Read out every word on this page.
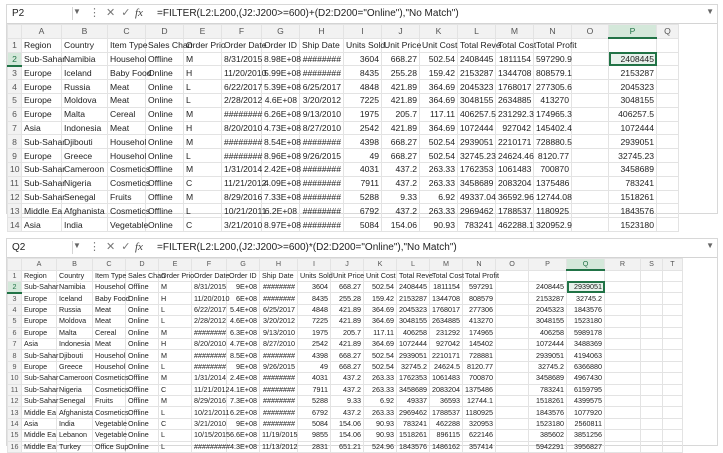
P2	▼ ⋮✕✓
fx =FILTER(L2:L200,(J2:J200>=600)+(D2:D200="Online"),"No Match")	▼
	A	B	C	D	E	F	G	H	I	J	K	L	M	N	O	P	Q
1	Region	Country	Item Type	Sales Chan	Order Prio	Order Date	Order ID	Ship Date	Units Sold	Unit Price	Unit Cost	Total Reve	Total Cost	Total Profit			
2	Sub-Sahar	Namibia	Househol	Offline	M	8/31/2015	8.98E+08	########	3604	668.27	502.54	2408445	1811154	597290.9		2408445	
3	Europe	Iceland	Baby Food	Online	H	11/20/2010	5.99E+08	########	8435	255.28	159.42	2153287	1344708	808579.1		2153287	
4	Europe	Russia	Meat	Online	L	6/22/2017	5.39E+08	6/25/2017	4848	421.89	364.69	2045323	1768017	277305.6		2045323	
5	Europe	Moldova	Meat	Online	L	2/28/2012	4.6E+08	3/20/2012	7225	421.89	364.69	3048155	2634885	413270		3048155	
6	Europe	Malta	Cereal	Online	M	########	6.26E+08	9/13/2010	1975	205.7	117.11	406257.5	231292.3	174965.3		406257.5	
7	Asia	Indonesia	Meat	Online	H	8/20/2010	4.73E+08	8/27/2010	2542	421.89	364.69	1072444	927042	145402.4		1072444	
8	Sub-Sahar	Djibouti	Househol	Online	M	########	8.54E+08	########	4398	668.27	502.54	2939051	2210171	728880.5		2939051	
9	Europe	Greece	Househol	Online	L	########	8.96E+08	9/26/2015	49	668.27	502.54	32745.23	24624.46	8120.77		32745.23	
10	Sub-Sahar	Cameroon	Cosmetics	Offline	M	1/31/2014	2.42E+08	########	4031	437.2	263.33	1762353	1061483	700870		3458689	
11	Sub-Sahar	Nigeria	Cosmetics	Offline	C	11/21/2012	4.09E+08	########	7911	437.2	263.33	3458689	2083204	1375486		783241	
12	Sub-Sahar	Senegal	Fruits	Offline	M	8/29/2016	7.33E+08	########	5288	9.33	6.92	49337.04	36592.96	12744.08		1518261	
13	Middle Ea	Afghanista	Cosmetics	Offline	L	10/21/2011	6.2E+08	########	6792	437.2	263.33	2969462	1788537	1180925		1843576	
14	Asia	India	Vegetable	Online	C	3/21/2010	8.97E+08	########	5084	154.06	90.93	783241	462288.1	320952.9		1523180	
Q2	▼ ⋮✕✓
fx =FILTER(L2:L200,(J2:J200>=600)*(D2:D200="Online"),"No Match")	▼
	A	B	C	D	E	F	G	H	I	J	K	L	M	N	O	P	Q	R	S	T
1	Region	Country	Item Type	Sales Chan	Order Prio	Order Date	Order ID	Ship Date	Units Sold	Unit Price	Unit Cost	Total Reve	Total Cost	Total Profit						
2	Sub-Sahar	Namibia	Househol	Offline	M	8/31/2015	9E+08	########	3604	668.27	502.54	2408445	1811154	597291		2408445	2939051			
3	Europe	Iceland	Baby Food	Online	H	11/20/2010	6E+08	########	8435	255.28	159.42	2153287	1344708	808579		2153287	32745.2			
4	Europe	Russia	Meat	Online	L	6/22/2017	5.4E+08	6/25/2017	4848	421.89	364.69	2045323	1768017	277306		2045323	1843576			
5	Europe	Moldova	Meat	Online	L	2/28/2012	4.6E+08	3/20/2012	7225	421.89	364.69	3048155	2634885	413270		3048155	1523180			
6	Europe	Malta	Cereal	Online	M	########	6.3E+08	9/13/2010	1975	205.7	117.11	406258	231292	174965		406258	5989178			
7	Asia	Indonesia	Meat	Online	H	8/20/2010	4.7E+08	8/27/2010	2542	421.89	364.69	1072444	927042	145402		1072444	3488369			
8	Sub-Sahar	Djibouti	Househol	Online	M	########	8.5E+08	########	4398	668.27	502.54	2939051	2210171	728881		2939051	4194063			
9	Europe	Greece	Househol	Online	L	########	9E+08	9/26/2015	49	668.27	502.54	32745.2	24624.5	8120.77		32745.2	6366880			
10	Sub-Sahar	Cameroon	Cosmetics	Offline	M	1/31/2014	2.4E+08	########	4031	437.2	263.33	1762353	1061483	700870		3458689	4967430			
11	Sub-Sahar	Nigeria	Cosmetics	Offline	C	11/21/2012	4.1E+08	########	7911	437.2	263.33	3458689	2083204	1375486		783241	6159795			
12	Sub-Sahar	Senegal	Fruits	Offline	M	8/29/2016	7.3E+08	########	5288	9.33	6.92	49337	36593	12744.1		1518261	4399575			
13	Middle Ea	Afghanista	Cosmetics	Offline	L	10/21/2011	6.2E+08	########	6792	437.2	263.33	2969462	1788537	1180925		1843576	1077920			
14	Asia	India	Vegetable	Online	C	3/21/2010	9E+08	########	5084	154.06	90.93	783241	462288	320953		1523180	2560811			
15	Middle Ea	Lebanon	Vegetable	Online	L	10/15/2015	6.6E+08	11/19/2015	9855	154.06	90.93	1518261	896115	622146		385602	3851256			
16	Middle Ea	Turkey	Office Sup	Online	L	#########	4.3E+08	11/13/2012	2831	651.21	524.96	1843576	1486162	357414		5942291	3956827			
